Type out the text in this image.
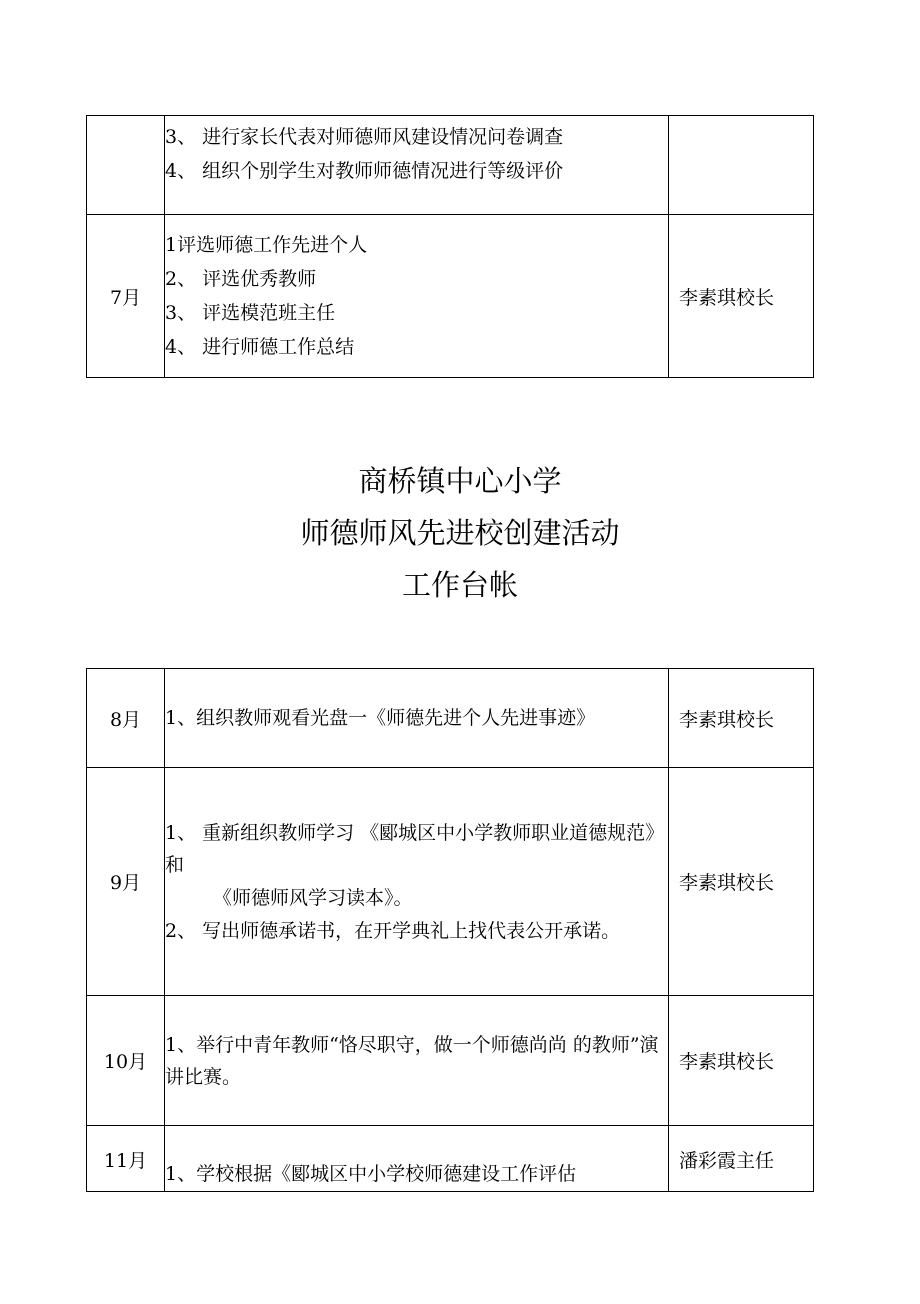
	3、 进行家长代表对师德师风建设情况问卷调查
4、 组织个别学生对教师师德情况进行等级评价	

7月	1评选师德工作先进个人
2、 评选优秀教师
3、 评选模范班主任
4、 进行师德工作总结	李素琪校长
商桥镇中心小学
师德师风先进校创建活动
工作台帐
8月	1、组织教师观看光盘一《师德先进个人先进事迹》	李素琪校长
9月	1、 重新组织教师学习 《郾城区中小学教师职业道德规范》和
《师德师风学习读本》。
2、 写出师德承诺书，在开学典礼上找代表公开承诺。	李素琪校长
10月	1、举行中青年教师“恪尽职守，做一个师德尚尚 的教师”演讲比赛。	李素琪校长
11月	1、学校根据《郾城区中小学校师德建设工作评估	潘彩霞主任
